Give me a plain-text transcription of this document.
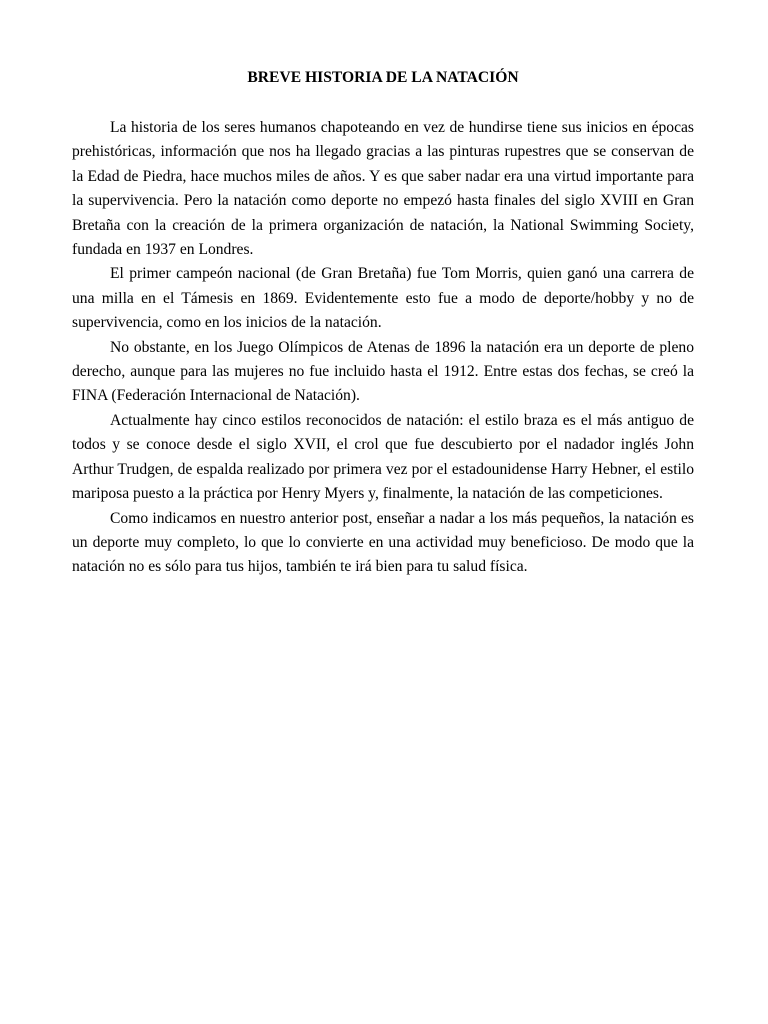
BREVE HISTORIA DE LA NATACIÓN

La historia de los seres humanos chapoteando en vez de hundirse tiene sus inicios en épocas prehistóricas, información que nos ha llegado gracias a las pinturas rupestres que se conservan de la Edad de Piedra, hace muchos miles de años. Y es que saber nadar era una virtud importante para la supervivencia. Pero la natación como deporte no empezó hasta finales del siglo XVIII en Gran Bretaña con la creación de la primera organización de natación, la National Swimming Society, fundada en 1937 en Londres.

El primer campeón nacional (de Gran Bretaña) fue Tom Morris, quien ganó una carrera de una milla en el Támesis en 1869. Evidentemente esto fue a modo de deporte/hobby y no de supervivencia, como en los inicios de la natación.

No obstante, en los Juego Olímpicos de Atenas de 1896 la natación era un deporte de pleno derecho, aunque para las mujeres no fue incluido hasta el 1912. Entre estas dos fechas, se creó la FINA (Federación Internacional de Natación).

Actualmente hay cinco estilos reconocidos de natación: el estilo braza es el más antiguo de todos y se conoce desde el siglo XVII, el crol que fue descubierto por el nadador inglés John Arthur Trudgen, de espalda realizado por primera vez por el estadounidense Harry Hebner, el estilo mariposa puesto a la práctica por Henry Myers y, finalmente, la natación de las competiciones.

Como indicamos en nuestro anterior post, enseñar a nadar a los más pequeños, la natación es un deporte muy completo, lo que lo convierte en una actividad muy beneficioso. De modo que la natación no es sólo para tus hijos, también te irá bien para tu salud física.
